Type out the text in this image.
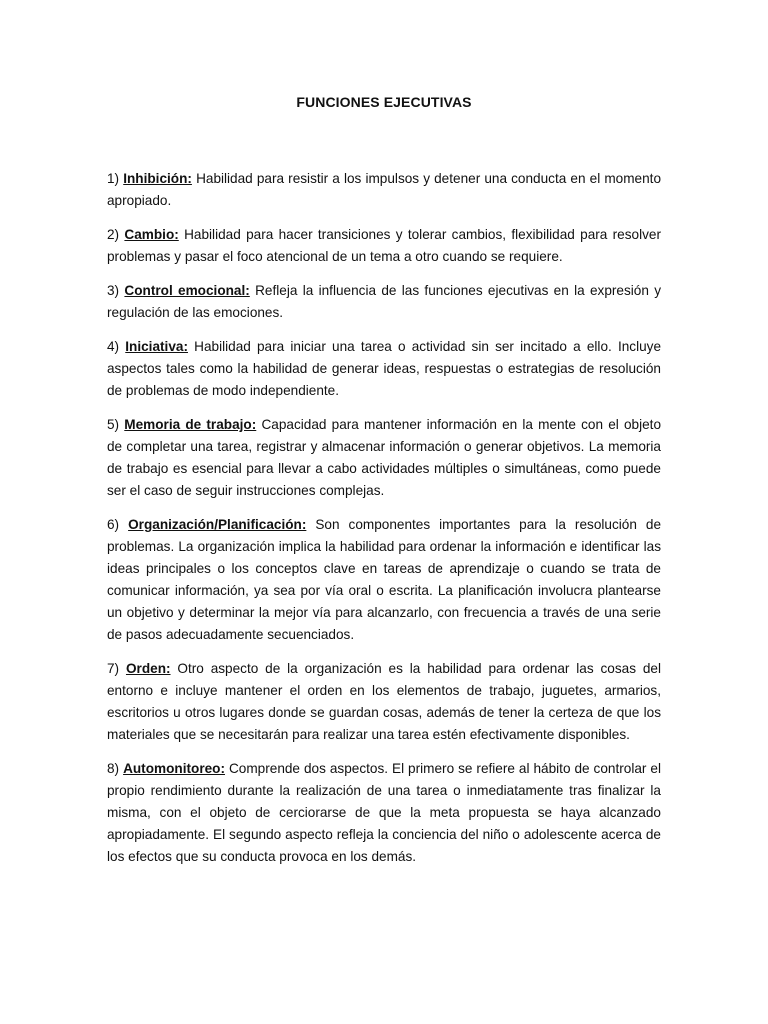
FUNCIONES EJECUTIVAS

1) Inhibición: Habilidad para resistir a los impulsos y detener una conducta en el momento apropiado.

2) Cambio: Habilidad para hacer transiciones y tolerar cambios, flexibilidad para resolver problemas y pasar el foco atencional de un tema a otro cuando se requiere.

3) Control emocional: Refleja la influencia de las funciones ejecutivas en la expresión y regulación de las emociones.

4) Iniciativa: Habilidad para iniciar una tarea o actividad sin ser incitado a ello. Incluye aspectos tales como la habilidad de generar ideas, respuestas o estrategias de resolución de problemas de modo independiente.

5) Memoria de trabajo: Capacidad para mantener información en la mente con el objeto de completar una tarea, registrar y almacenar información o generar objetivos. La memoria de trabajo es esencial para llevar a cabo actividades múltiples o simultáneas, como puede ser el caso de seguir instrucciones complejas.

6) Organización/Planificación: Son componentes importantes para la resolución de problemas. La organización implica la habilidad para ordenar la información e identificar las ideas principales o los conceptos clave en tareas de aprendizaje o cuando se trata de comunicar información, ya sea por vía oral o escrita. La planificación involucra plantearse un objetivo y determinar la mejor vía para alcanzarlo, con frecuencia a través de una serie de pasos adecuadamente secuenciados.

7) Orden: Otro aspecto de la organización es la habilidad para ordenar las cosas del entorno e incluye mantener el orden en los elementos de trabajo, juguetes, armarios, escritorios u otros lugares donde se guardan cosas, además de tener la certeza de que los materiales que se necesitarán para realizar una tarea estén efectivamente disponibles.

8) Automonitoreo: Comprende dos aspectos. El primero se refiere al hábito de controlar el propio rendimiento durante la realización de una tarea o inmediatamente tras finalizar la misma, con el objeto de cerciorarse de que la meta propuesta se haya alcanzado apropiadamente. El segundo aspecto refleja la conciencia del niño o adolescente acerca de los efectos que su conducta provoca en los demás.
